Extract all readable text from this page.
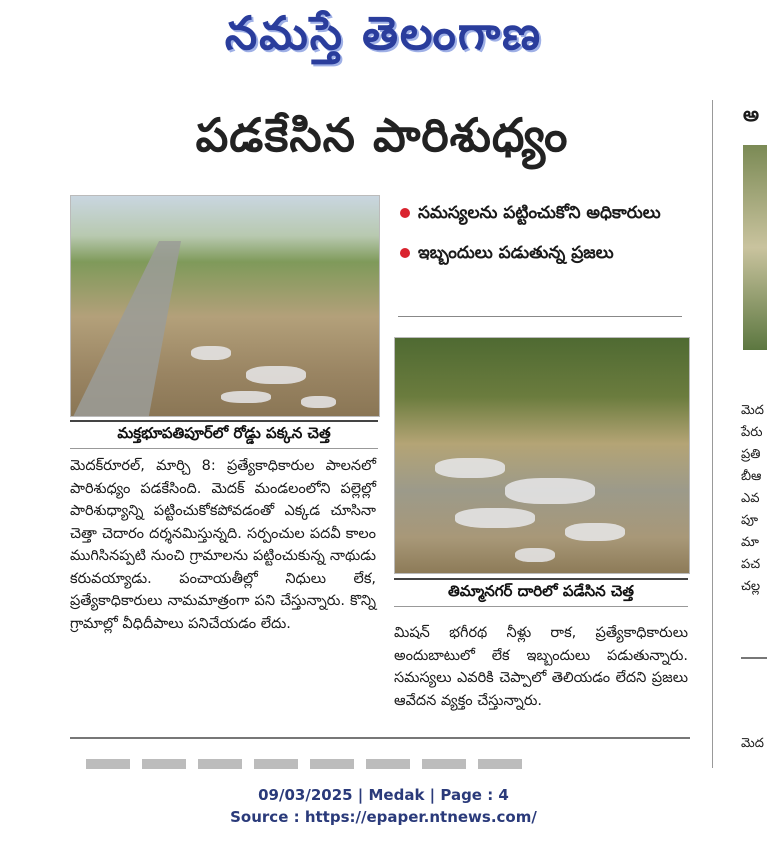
నమస్తే తెలంగాణ
పడకేసిన పారిశుధ్యం
మక్తభూపతిపూర్‌లో రోడ్డు పక్కన చెత్త
సమస్యలను పట్టించుకోని అధికారులు
ఇబ్బందులు పడుతున్న ప్రజలు
తిమ్మానగర్ దారిలో పడేసిన చెత్త
మెదక్‌రూరల్, మార్చి 8: ప్రత్యేకాధికారుల పాలనలో పారిశుధ్యం పడకేసింది. మెదక్ మండలంలోని పల్లెల్లో పారిశుధ్యాన్ని పట్టించుకోకపోవడంతో ఎక్కడ చూసినా చెత్తా చెదారం దర్శనమిస్తున్నది. సర్పంచుల పదవీ కాలం ముగిసినప్పటి నుంచి గ్రామాలను పట్టించుకున్న నాథుడు కరువయ్యాడు. పంచాయతీల్లో నిధులు లేక, ప్రత్యేకాధికారులు నామమాత్రంగా పని చేస్తున్నారు. కొన్ని గ్రామాల్లో వీధిదీపాలు పనిచేయడం లేదు.
మిషన్ భగీరథ నీళ్లు రాక, ప్రత్యేకాధికారులు అందుబాటులో లేక ఇబ్బందులు పడుతున్నారు. సమస్యలు ఎవరికి చెప్పాలో తెలియడం లేదని ప్రజలు ఆవేదన వ్యక్తం చేస్తున్నారు.
అ
మెద
పేరు
ప్రతి
బీఆ
ఎవ
పూ
మా
పచ
చల్ల
మెద
09/03/2025 | Medak | Page : 4
Source : https://epaper.ntnews.com/
